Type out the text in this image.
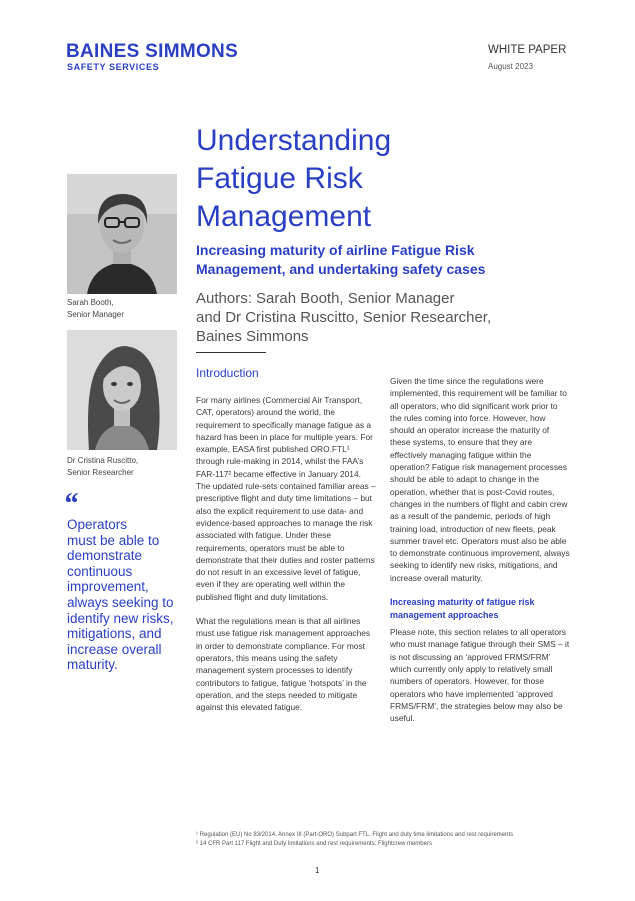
BAINES SIMMONS
SAFETY SERVICES
WHITE PAPER
August 2023
Understanding
Fatigue Risk
Management
Increasing maturity of airline Fatigue Risk
Management, and undertaking safety cases
Authors: Sarah Booth, Senior Manager
and Dr Cristina Ruscitto, Senior Researcher,
Baines Simmons
Sarah Booth,
Senior Manager
Dr Cristina Ruscitto,
Senior Researcher
“
Operators
must be able to
demonstrate
continuous
improvement,
always seeking to
identify new risks,
mitigations, and
increase overall
maturity.
Introduction

For many airlines (Commercial Air Transport, CAT, operators) around the world, the requirement to specifically manage fatigue as a hazard has been in place for multiple years. For example, EASA first published ORO.FTL¹ through rule-making in 2014, whilst the FAA’s FAR-117² became effective in January 2014. The updated rule-sets contained familiar areas – prescriptive flight and duty time limitations – but also the explicit requirement to use data- and evidence-based approaches to manage the risk associated with fatigue. Under these requirements, operators must be able to demonstrate that their duties and roster patterns do not result in an excessive level of fatigue, even if they are operating well within the published flight and duty limitations.

What the regulations mean is that all airlines must use fatigue risk management approaches in order to demonstrate compliance. For most operators, this means using the safety management system processes to identify contributors to fatigue, fatigue ‘hotspots’ in the operation, and the steps needed to mitigate against this elevated fatigue.

Given the time since the regulations were implemented, this requirement will be familiar to all operators, who did significant work prior to the rules coming into force. However, how should an operator increase the maturity of these systems, to ensure that they are effectively managing fatigue within the operation? Fatigue risk management processes should be able to adapt to change in the operation, whether that is post-Covid routes, changes in the numbers of flight and cabin crew as a result of the pandemic, periods of high training load, introduction of new fleets, peak summer travel etc. Operators must also be able to demonstrate continuous improvement, always seeking to identify new risks, mitigations, and increase overall maturity.

Increasing maturity of fatigue risk management approaches

Please note, this section relates to all operators who must manage fatigue through their SMS – it is not discussing an ‘approved FRMS/FRM’ which currently only apply to relatively small numbers of operators. However, for those operators who have implemented ‘approved FRMS/FRM’, the strategies below may also be useful.

¹ Regulation (EU) No 83/2014. Annex III (Part-ORO) Subpart FTL. Flight and duty time limitations and rest requirements
² 14 CFR Part 117 Flight and Duty limitations and rest requirements: Flightcrew members
1
